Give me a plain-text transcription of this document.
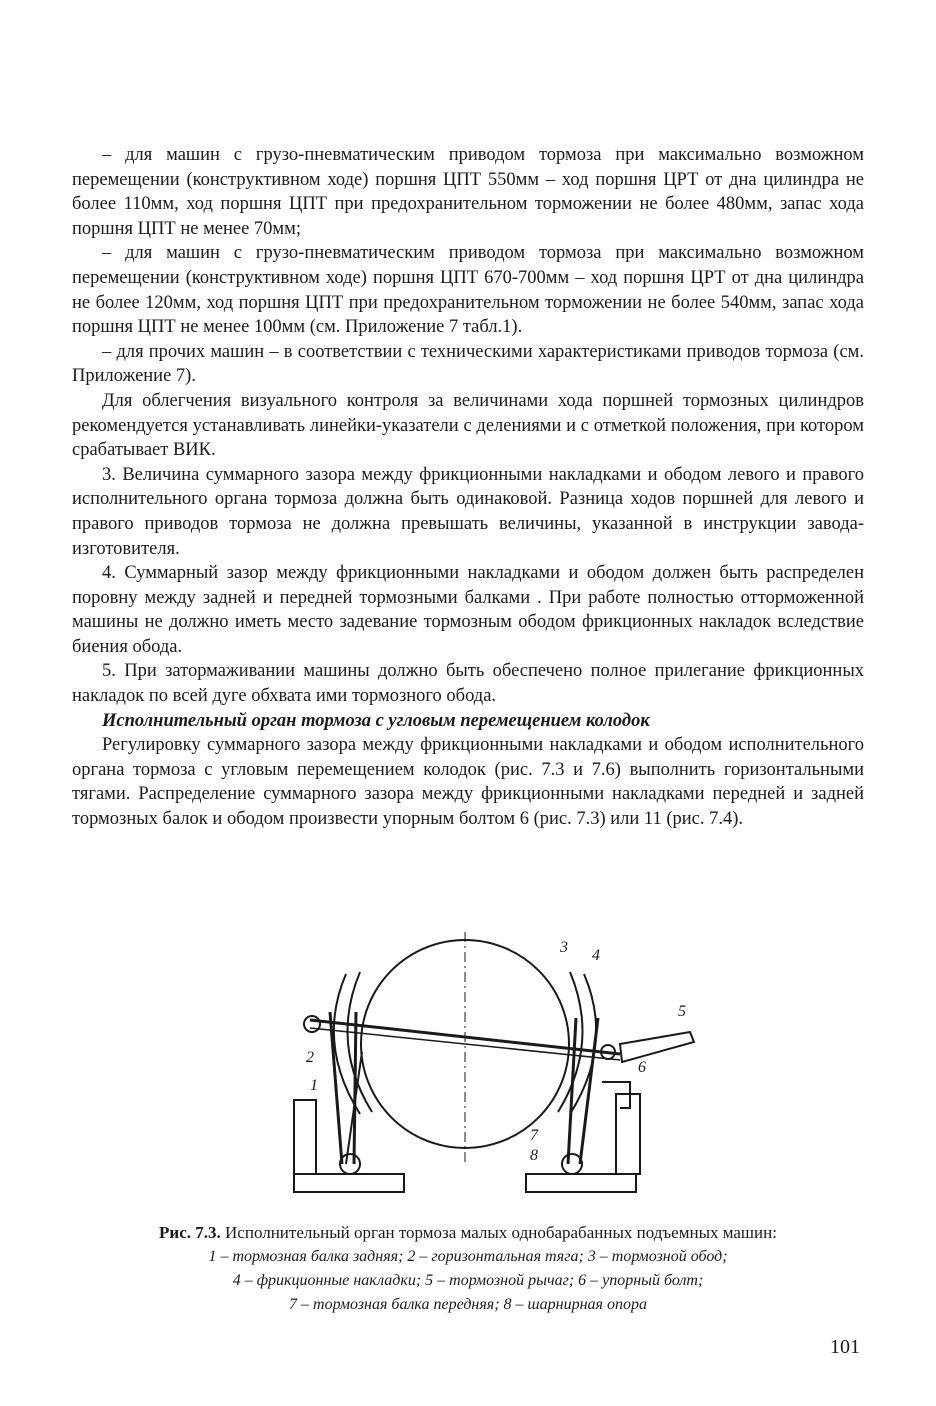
– для машин с грузо-пневматическим приводом тормоза при максимально возможном перемещении (конструктивном ходе) поршня ЦПТ 550мм – ход поршня ЦРТ от дна цилиндра не более 110мм, ход поршня ЦПТ при предохранительном торможении не более 480мм, запас хода поршня ЦПТ не менее 70мм;

– для машин с грузо-пневматическим приводом тормоза при максимально возможном перемещении (конструктивном ходе) поршня ЦПТ 670-700мм – ход поршня ЦРТ от дна цилиндра не более 120мм, ход поршня ЦПТ при предохранительном торможении не более 540мм, запас хода поршня ЦПТ не менее 100мм (см. Приложение 7 табл.1).

– для прочих машин – в соответствии с техническими характеристиками приводов тормоза (см. Приложение 7).

Для облегчения визуального контроля за величинами хода поршней тормозных цилиндров рекомендуется устанавливать линейки-указатели с делениями и с отметкой положения, при котором срабатывает ВИК.

3. Величина суммарного зазора между фрикционными накладками и ободом левого и правого исполнительного органа тормоза должна быть одинаковой. Разница ходов поршней для левого и правого приводов тормоза не должна превышать величины, указанной в инструкции завода-изготовителя.

4. Суммарный зазор между фрикционными накладками и ободом должен быть распределен поровну между задней и передней тормозными балками . При работе полностью отторможенной машины не должно иметь место задевание тормозным ободом фрикционных накладок вследствие биения обода.

5. При затормаживании машины должно быть обеспечено полное прилегание фрикционных накладок по всей дуге обхвата ими тормозного обода.

Исполнительный орган тормоза с угловым перемещением колодок

Регулировку суммарного зазора между фрикционными накладками и ободом исполнительного органа тормоза с угловым перемещением колодок (рис. 7.3 и 7.6) выполнить горизонтальными тягами. Распределение суммарного зазора между фрикционными накладками передней и задней тормозных балок и ободом произвести упорным болтом 6 (рис. 7.3) или 11 (рис. 7.4).

1
2
3 4
5
6
7
8
Рис. 7.3. Исполнительный орган тормоза малых однобарабанных подъемных машин:
1 – тормозная балка задняя; 2 – горизонтальная тяга; 3 – тормозной обод;
4 – фрикционные накладки; 5 – тормозной рычаг; 6 – упорный болт;
7 – тормозная балка передняя; 8 – шарнирная опора
101
